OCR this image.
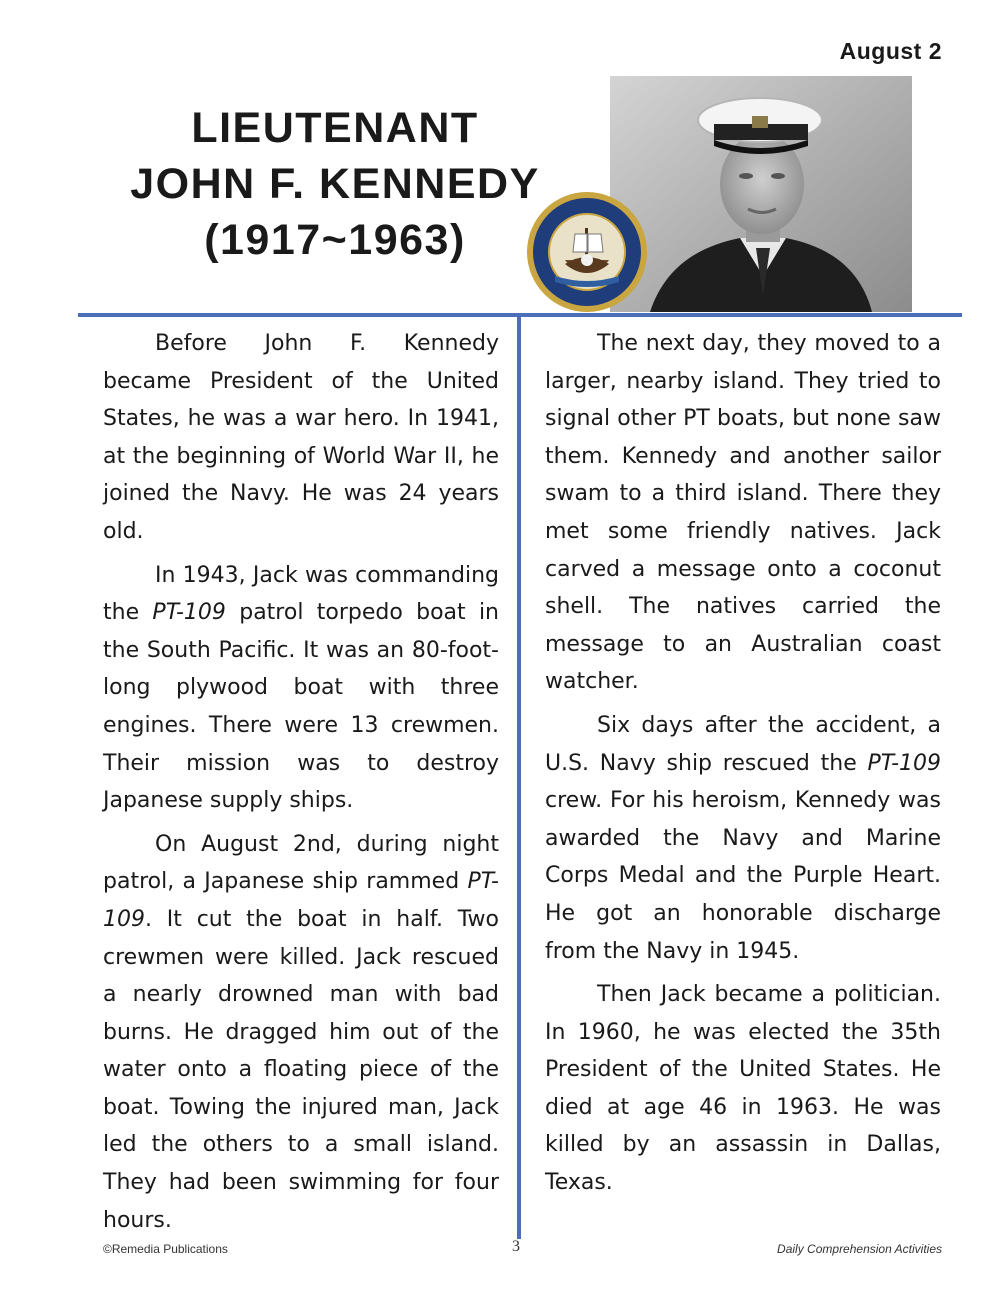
August 2
LIEUTENANT
JOHN F. KENNEDY
(1917~1963)

Before John F. Kennedy became President of the United States, he was a war hero. In 1941, at the beginning of World War II, he joined the Navy. He was 24 years old.

In 1943, Jack was commanding the PT-109 patrol torpedo boat in the South Pacific. It was an 80-foot-long plywood boat with three engines. There were 13 crewmen. Their mission was to destroy Japanese supply ships.

On August 2nd, during night patrol, a Japanese ship rammed PT-109. It cut the boat in half. Two crewmen were killed. Jack rescued a nearly drowned man with bad burns. He dragged him out of the water onto a floating piece of the boat. Towing the injured man, Jack led the others to a small island. They had been swimming for four hours.

The next day, they moved to a larger, nearby island. They tried to signal other PT boats, but none saw them. Kennedy and another sailor swam to a third island. There they met some friendly natives. Jack carved a message onto a coconut shell. The natives carried the message to an Australian coast watcher.

Six days after the accident, a U.S. Navy ship rescued the PT-109 crew. For his heroism, Kennedy was awarded the Navy and Marine Corps Medal and the Purple Heart. He got an honorable discharge from the Navy in 1945.

Then Jack became a politician. In 1960, he was elected the 35th President of the United States. He died at age 46 in 1963. He was killed by an assassin in Dallas, Texas.

©Remedia Publications	3	Daily Comprehension Activities
